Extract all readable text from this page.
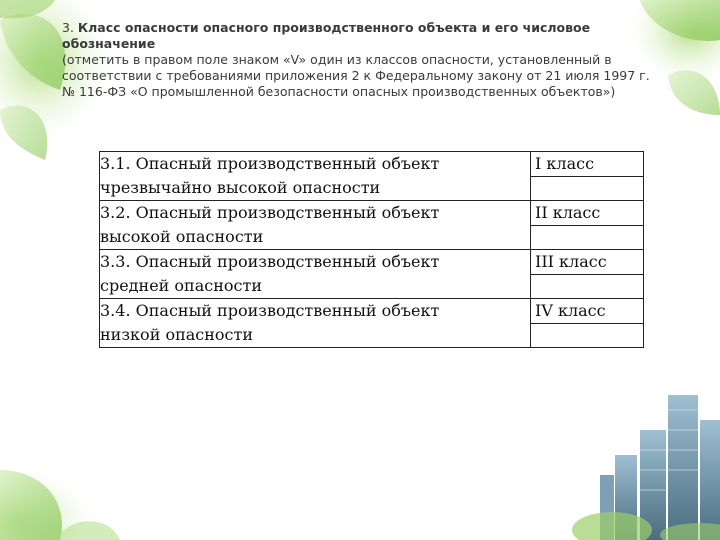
3. Класс опасности опасного производственного объекта и его числовое обозначение

(отметить в правом поле знаком «V» один из классов опасности, установленный в соответствии с требованиями приложения 2 к Федеральному закону от 21 июля 1997 г. № 116-ФЗ «О промышленной безопасности опасных производственных объектов»)

3.1. Опасный производственный объект
чрезвычайно высокой опасности	I класс

3.2. Опасный производственный объект
высокой опасности	II класс

3.3. Опасный производственный объект
средней опасности	III класс

3.4. Опасный производственный объект
низкой опасности	IV класс
